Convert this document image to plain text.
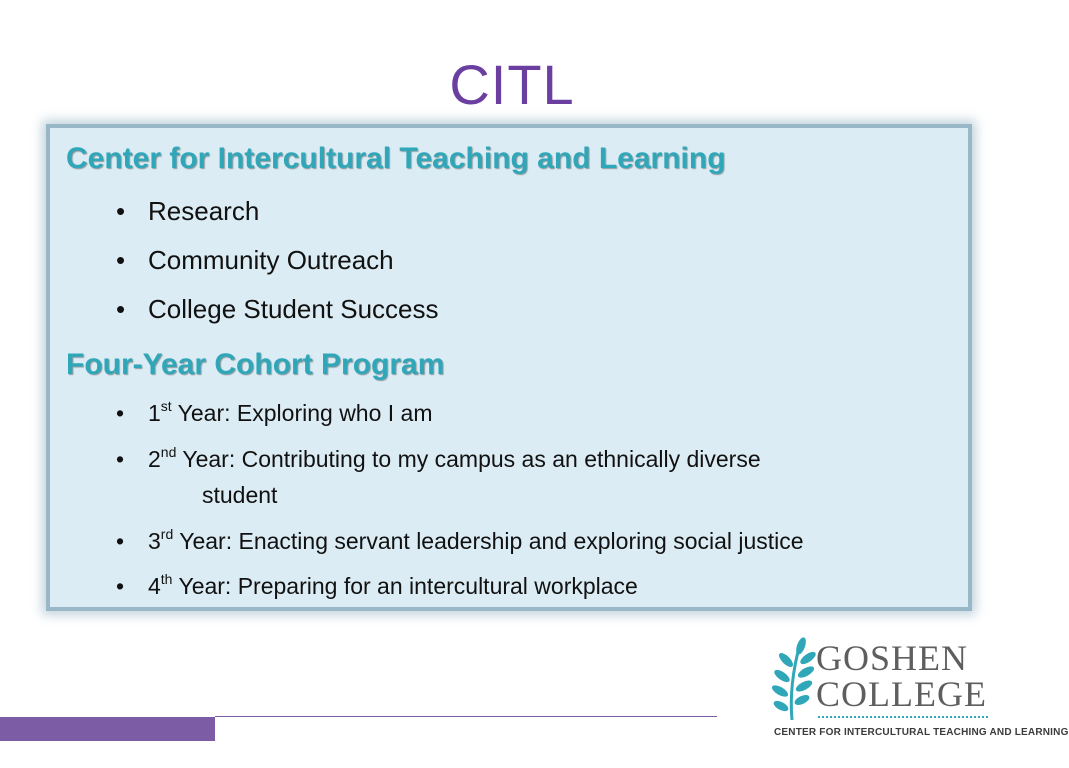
CITL
Center for Intercultural Teaching and Learning
• Research
• Community Outreach
• College Student Success
Four-Year Cohort Program
• 1st Year: Exploring who I am
• 2nd Year: Contributing to my campus as an ethnically diverse
student
• 3rd Year: Enacting servant leadership and exploring social justice
• 4th Year: Preparing for an intercultural workplace
GOSHEN
COLLEGE
CENTER FOR INTERCULTURAL TEACHING AND LEARNING
